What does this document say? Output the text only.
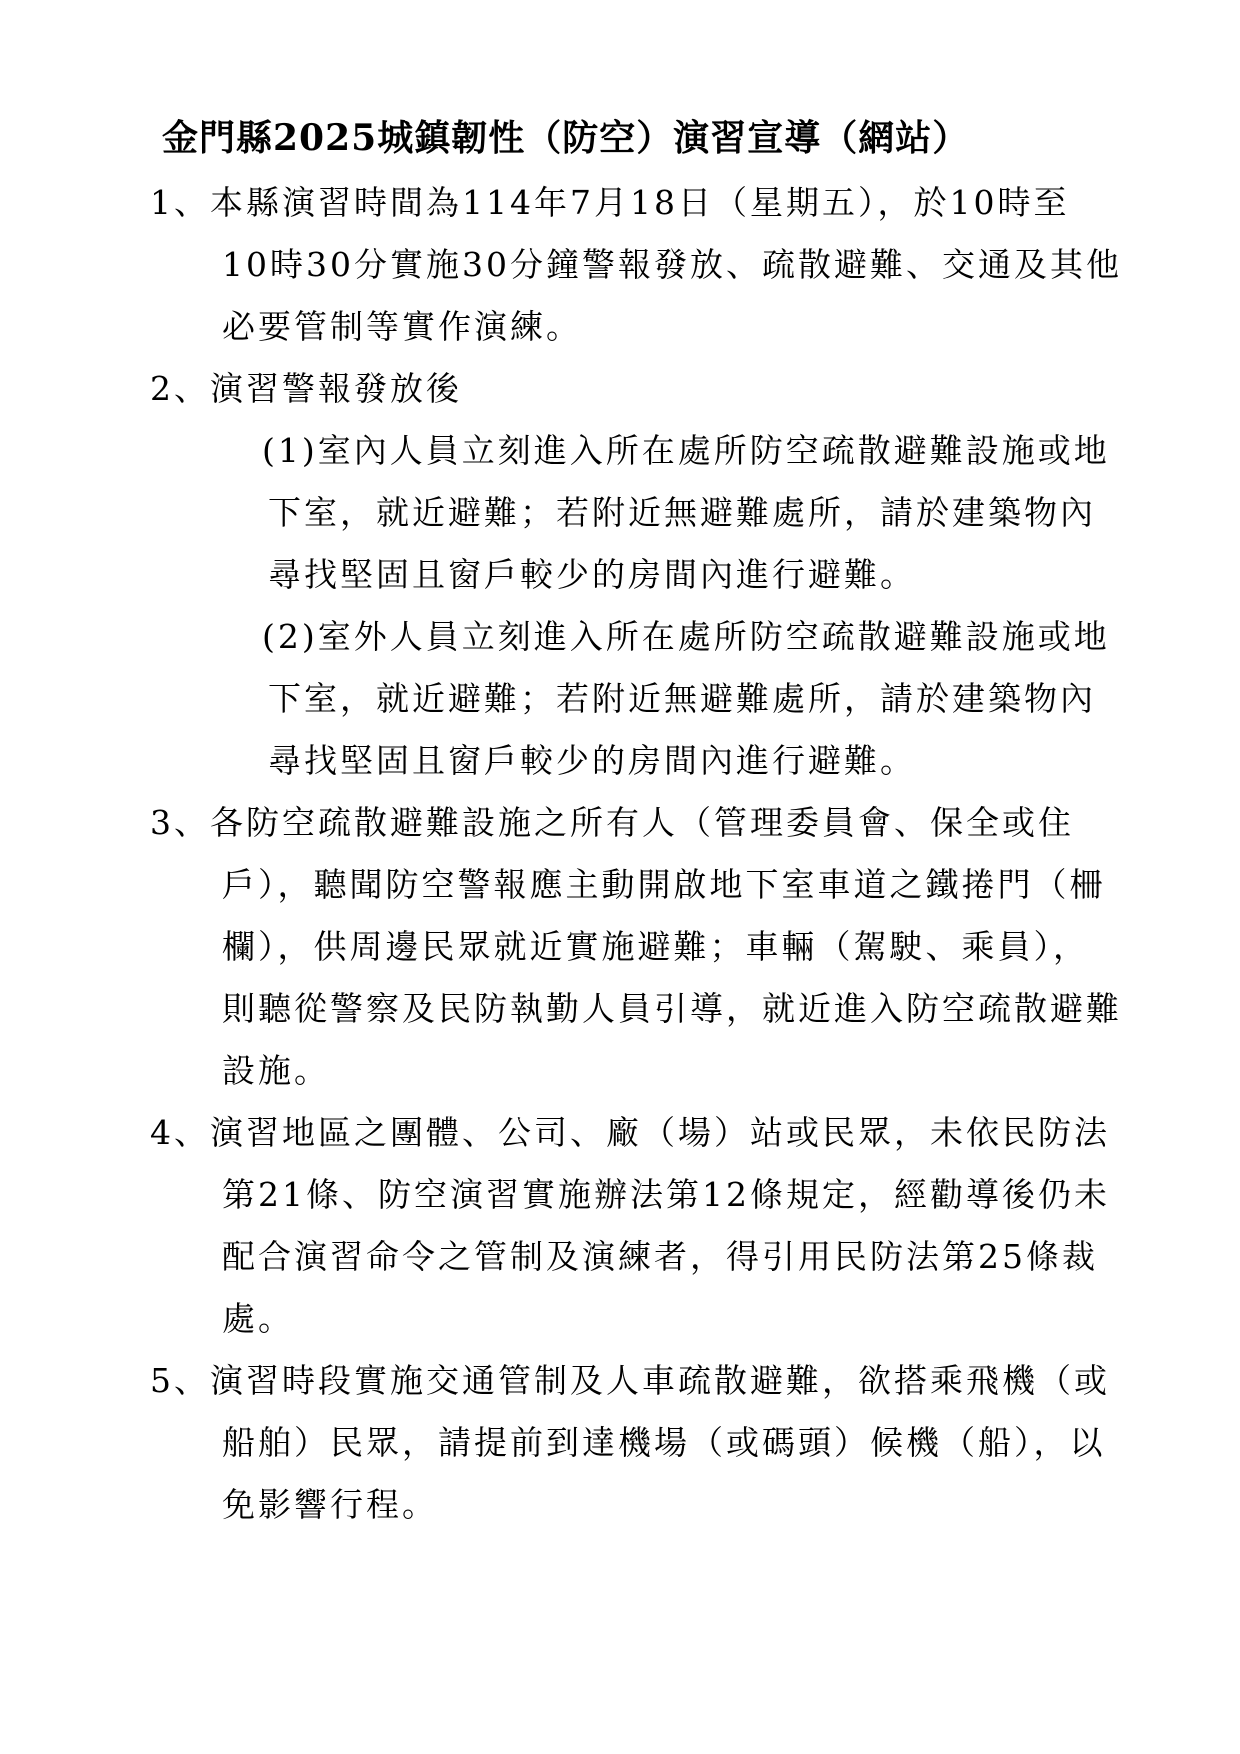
金門縣2025城鎮韌性（防空）演習宣導（網站）
1、本縣演習時間為114年7月18日（星期五），於10時至
10時30分實施30分鐘警報發放、疏散避難、交通及其他
必要管制等實作演練。
2、演習警報發放後
(1)室內人員立刻進入所在處所防空疏散避難設施或地
下室，就近避難；若附近無避難處所，請於建築物內
尋找堅固且窗戶較少的房間內進行避難。
(2)室外人員立刻進入所在處所防空疏散避難設施或地
下室，就近避難；若附近無避難處所，請於建築物內
尋找堅固且窗戶較少的房間內進行避難。
3、各防空疏散避難設施之所有人（管理委員會、保全或住
戶），聽聞防空警報應主動開啟地下室車道之鐵捲門（柵
欄），供周邊民眾就近實施避難；車輛（駕駛、乘員），
則聽從警察及民防執勤人員引導，就近進入防空疏散避難
設施。
4、演習地區之團體、公司、廠（場）站或民眾，未依民防法
第21條、防空演習實施辦法第12條規定，經勸導後仍未
配合演習命令之管制及演練者，得引用民防法第25條裁
處。
5、演習時段實施交通管制及人車疏散避難，欲搭乘飛機（或
船舶）民眾，請提前到達機場（或碼頭）候機（船），以
免影響行程。
